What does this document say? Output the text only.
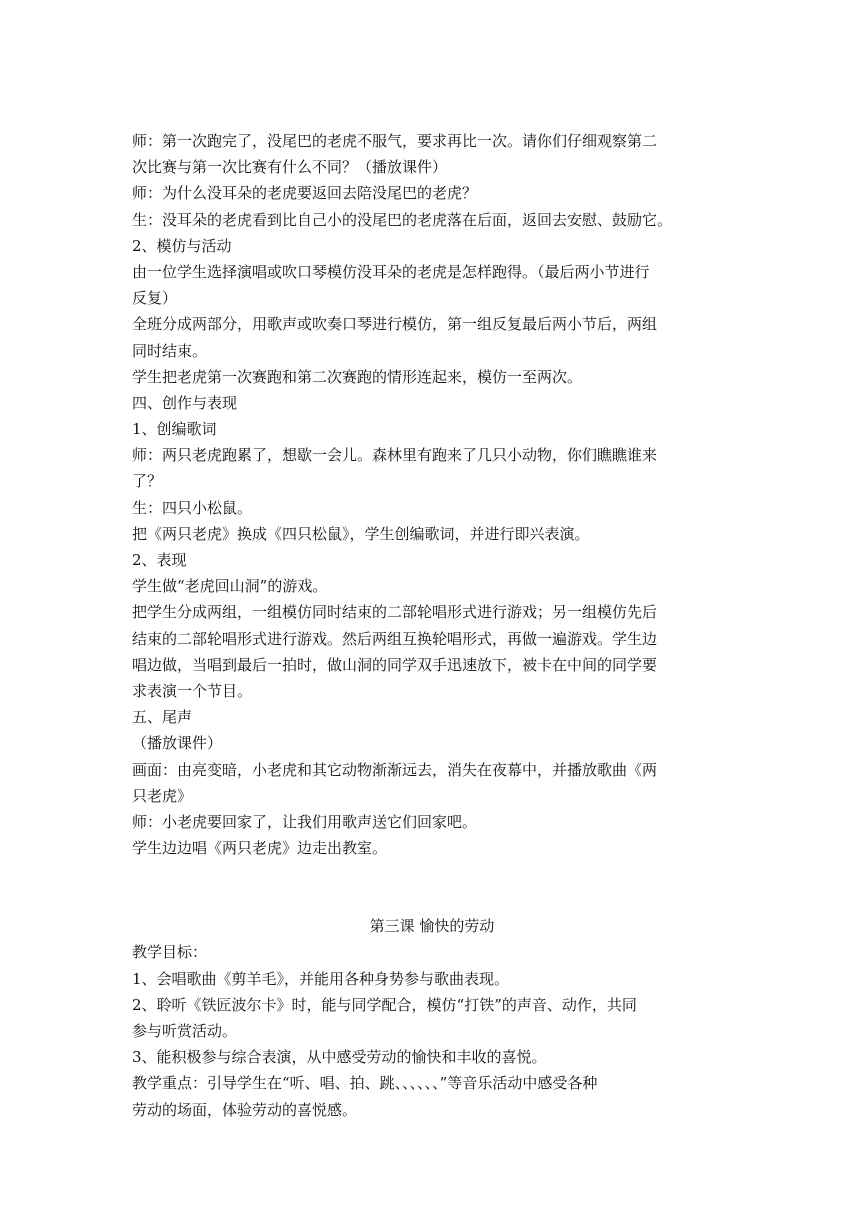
师：第一次跑完了，没尾巴的老虎不服气，要求再比一次。请你们仔细观察第二
次比赛与第一次比赛有什么不同？（播放课件）
师：为什么没耳朵的老虎要返回去陪没尾巴的老虎？
生：没耳朵的老虎看到比自己小的没尾巴的老虎落在后面，返回去安慰、鼓励它。
2、模仿与活动
由一位学生选择演唱或吹口琴模仿没耳朵的老虎是怎样跑得。（最后两小节进行
反复）
全班分成两部分，用歌声或吹奏口琴进行模仿，第一组反复最后两小节后，两组
同时结束。
学生把老虎第一次赛跑和第二次赛跑的情形连起来，模仿一至两次。
四、创作与表现
1、创编歌词
师：两只老虎跑累了，想歇一会儿。森林里有跑来了几只小动物，你们瞧瞧谁来
了？
生：四只小松鼠。
把《两只老虎》换成《四只松鼠》，学生创编歌词，并进行即兴表演。
2、表现
学生做“老虎回山洞”的游戏。
把学生分成两组，一组模仿同时结束的二部轮唱形式进行游戏；另一组模仿先后
结束的二部轮唱形式进行游戏。然后两组互换轮唱形式，再做一遍游戏。学生边
唱边做，当唱到最后一拍时，做山洞的同学双手迅速放下，被卡在中间的同学要
求表演一个节目。
五、尾声
（播放课件）
画面：由亮变暗，小老虎和其它动物渐渐远去，消失在夜幕中，并播放歌曲《两
只老虎》
师：小老虎要回家了，让我们用歌声送它们回家吧。
学生边边唱《两只老虎》边走出教室。
第三课 愉快的劳动
教学目标：
1、会唱歌曲《剪羊毛》，并能用各种身势参与歌曲表现。
2、聆听《铁匠波尔卡》时，能与同学配合，模仿“打铁”的声音、动作，共同
参与听赏活动。
3、能积极参与综合表演，从中感受劳动的愉快和丰收的喜悦。
教学重点：引导学生在“听、唱、拍、跳、、、、、、”等音乐活动中感受各种
劳动的场面，体验劳动的喜悦感。
